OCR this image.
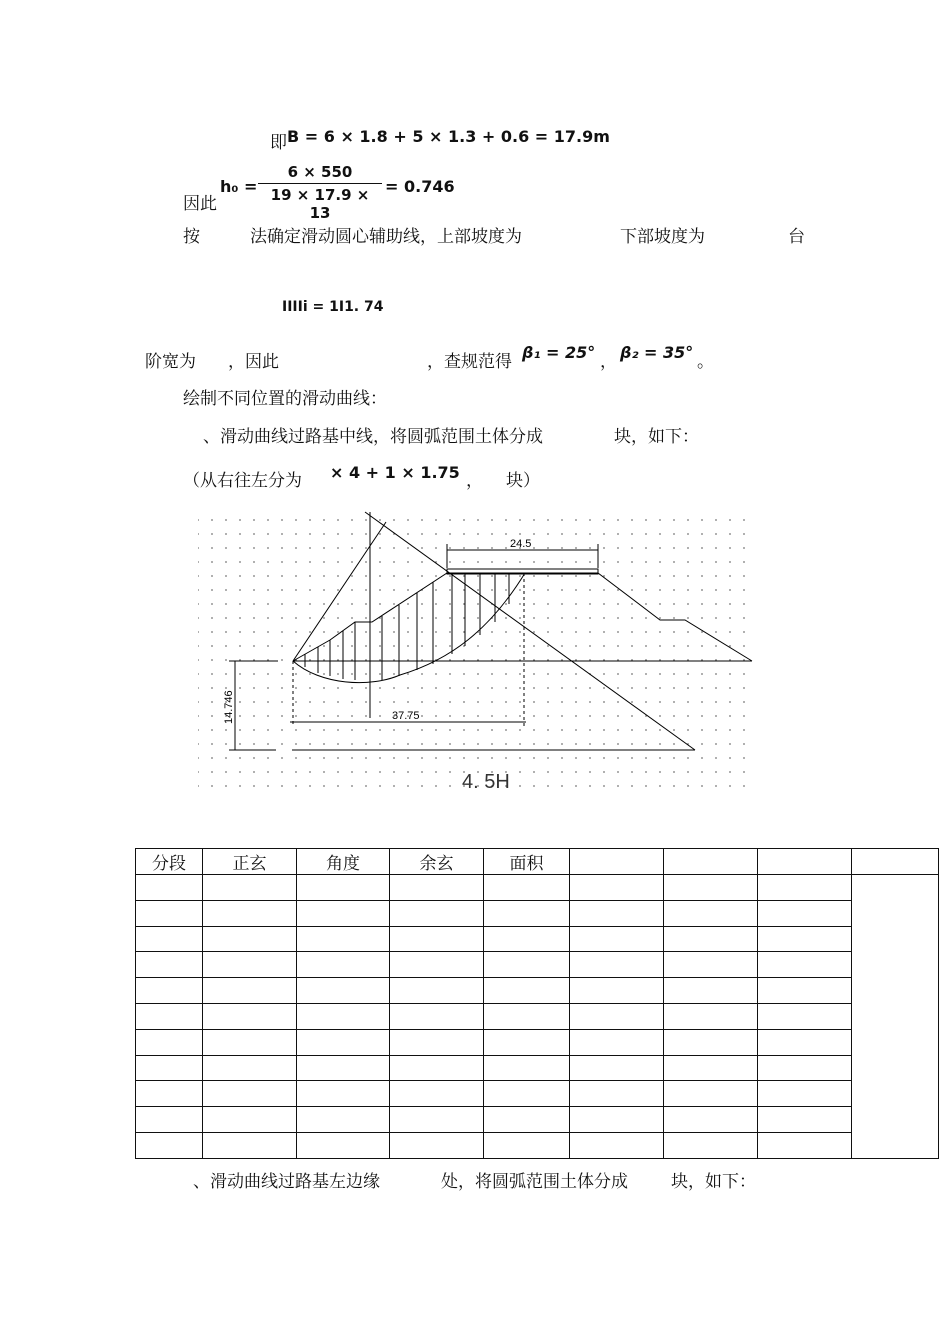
即 B = 6 × 1.8 + 5 × 1.3 + 0.6 = 17.9m
因此
h₀ =
6 × 550
19 × 17.9 × 13
= 0.746
按	法确定滑动圆心辅助线，上部坡度为	下部坡度为	台
IIIIi = 1I1. 74
阶宽为 ，因此	，查规范得 β₁ = 25° ， β₂ = 35° 。
绘制不同位置的滑动曲线：
、滑动曲线过路基中线，将圆弧范围土体分成	块，如下：
（从右往左分为 × 4 + 1 × 1.75 ， 块）
24.5
37.75
14.746
4. 5H
分段	正玄	角度	余玄	面积				

、滑动曲线过路基左边缘	处，将圆弧范围土体分成	块，如下：
